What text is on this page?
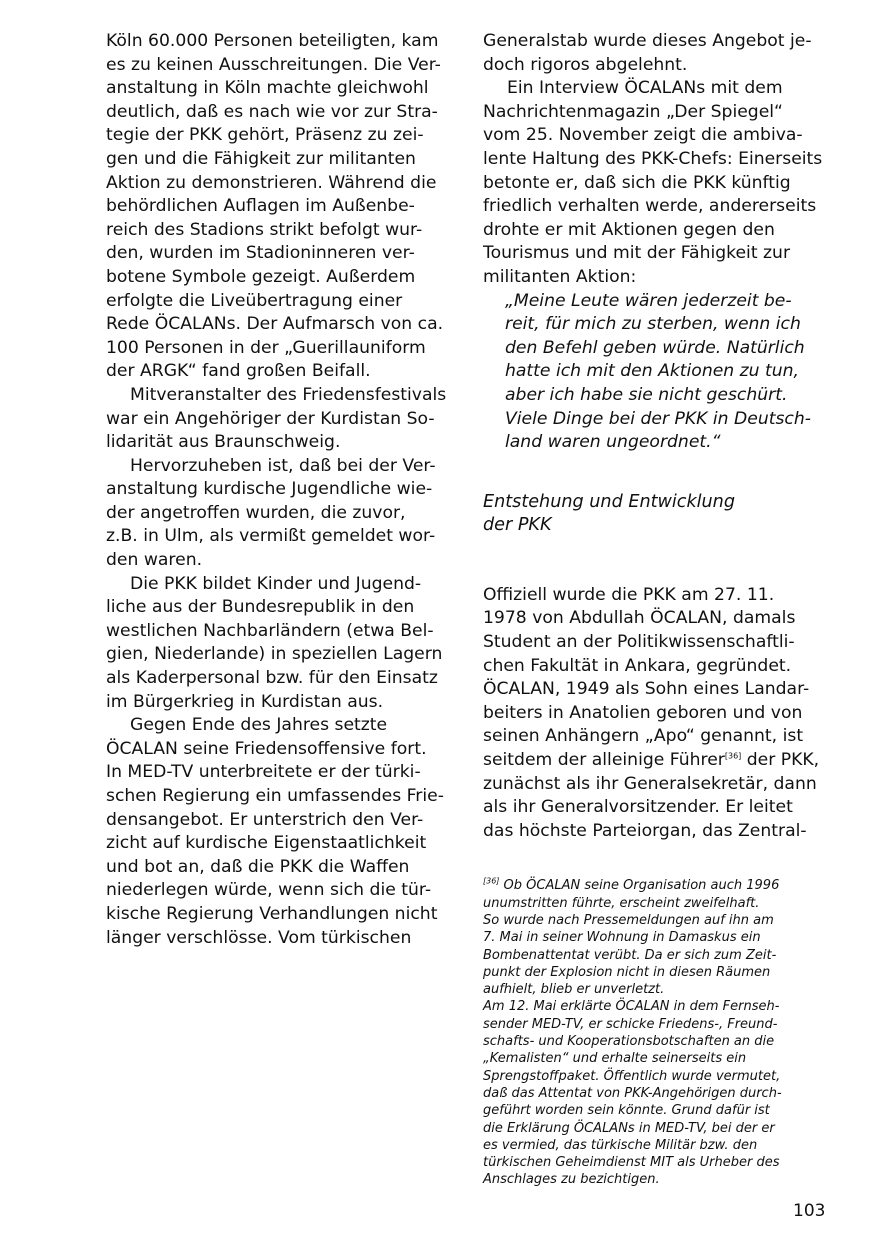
Köln 60.000 Personen beteiligten, kam
es zu keinen Ausschreitungen. Die Ver-
anstaltung in Köln machte gleichwohl
deutlich, daß es nach wie vor zur Stra-
tegie der PKK gehört, Präsenz zu zei-
gen und die Fähigkeit zur militanten
Aktion zu demonstrieren. Während die
behördlichen Auflagen im Außenbe-
reich des Stadions strikt befolgt wur-
den, wurden im Stadioninneren ver-
botene Symbole gezeigt. Außerdem
erfolgte die Liveübertragung einer
Rede ÖCALANs. Der Aufmarsch von ca.
100 Personen in der „Guerillauniform
der ARGK“ fand großen Beifall.
Mitveranstalter des Friedensfestivals
war ein Angehöriger der Kurdistan So-
lidarität aus Braunschweig.
Hervorzuheben ist, daß bei der Ver-
anstaltung kurdische Jugendliche wie-
der angetroffen wurden, die zuvor,
z.B. in Ulm, als vermißt gemeldet wor-
den waren.
Die PKK bildet Kinder und Jugend-
liche aus der Bundesrepublik in den
westlichen Nachbarländern (etwa Bel-
gien, Niederlande) in speziellen Lagern
als Kaderpersonal bzw. für den Einsatz
im Bürgerkrieg in Kurdistan aus.
Gegen Ende des Jahres setzte
ÖCALAN seine Friedensoffensive fort.
In MED-TV unterbreitete er der türki-
schen Regierung ein umfassendes Frie-
densangebot. Er unterstrich den Ver-
zicht auf kurdische Eigenstaatlichkeit
und bot an, daß die PKK die Waffen
niederlegen würde, wenn sich die tür-
kische Regierung Verhandlungen nicht
länger verschlösse. Vom türkischen
Generalstab wurde dieses Angebot je-
doch rigoros abgelehnt.
Ein Interview ÖCALANs mit dem
Nachrichtenmagazin „Der Spiegel“
vom 25. November zeigt die ambiva-
lente Haltung des PKK-Chefs: Einerseits
betonte er, daß sich die PKK künftig
friedlich verhalten werde, andererseits
drohte er mit Aktionen gegen den
Tourismus und mit der Fähigkeit zur
militanten Aktion:
„Meine Leute wären jederzeit be-
reit, für mich zu sterben, wenn ich
den Befehl geben würde. Natürlich
hatte ich mit den Aktionen zu tun,
aber ich habe sie nicht geschürt.
Viele Dinge bei der PKK in Deutsch-
land waren ungeordnet.“
Entstehung und Entwicklung
der PKK
Offiziell wurde die PKK am 27. 11.
1978 von Abdullah ÖCALAN, damals
Student an der Politikwissenschaftli-
chen Fakultät in Ankara, gegründet.
ÖCALAN, 1949 als Sohn eines Landar-
beiters in Anatolien geboren und von
seinen Anhängern „Apo“ genannt, ist
seitdem der alleinige Führer[36] der PKK,
zunächst als ihr Generalsekretär, dann
als ihr Generalvorsitzender. Er leitet
das höchste Parteiorgan, das Zentral-
[36] Ob ÖCALAN seine Organisation auch 1996
unumstritten führte, erscheint zweifelhaft.
So wurde nach Pressemeldungen auf ihn am
7. Mai in seiner Wohnung in Damaskus ein
Bombenattentat verübt. Da er sich zum Zeit-
punkt der Explosion nicht in diesen Räumen
aufhielt, blieb er unverletzt.
Am 12. Mai erklärte ÖCALAN in dem Fernseh-
sender MED-TV, er schicke Friedens-, Freund-
schafts- und Kooperationsbotschaften an die
„Kemalisten“ und erhalte seinerseits ein
Sprengstoffpaket. Öffentlich wurde vermutet,
daß das Attentat von PKK-Angehörigen durch-
geführt worden sein könnte. Grund dafür ist
die Erklärung ÖCALANs in MED-TV, bei der er
es vermied, das türkische Militär bzw. den
türkischen Geheimdienst MIT als Urheber des
Anschlages zu bezichtigen.
103
